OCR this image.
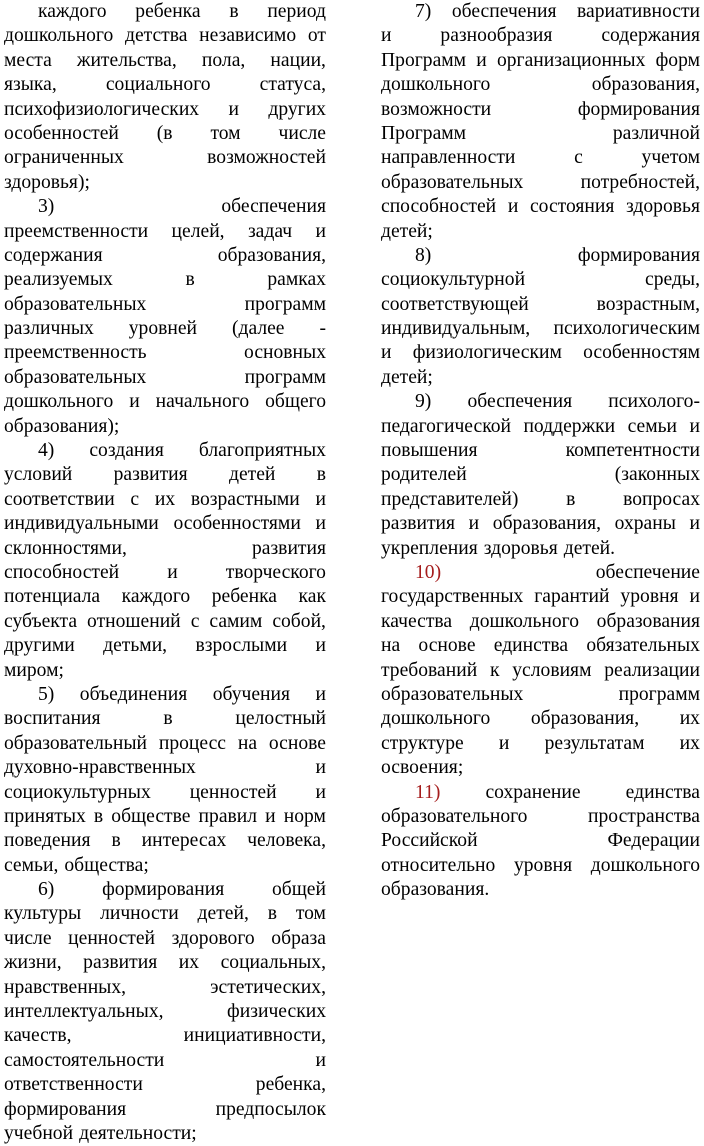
каждого ребенка в период
дошкольного детства независимо от
места жительства, пола, нации,
языка,	социального	статуса,
психофизиологических и других
особенностей (в том числе
ограниченных	возможностей
здоровья);
3)	обеспечения
преемственности целей, задач и
содержания	образования,
реализуемых	в	рамках
образовательных	программ
различных уровней (далее -
преемственность	основных
образовательных	программ
дошкольного и начального общего
образования);
4) создания благоприятных
условий развития детей в
соответствии с их возрастными и
индивидуальными особенностями и
склонностями,	развития
способностей и творческого
потенциала каждого ребенка как
субъекта отношений с самим собой,
другими детьми, взрослыми и
миром;
5) объединения обучения и
воспитания	в	целостный
образовательный процесс на основе
духовно-нравственных	и
социокультурных ценностей и
принятых в обществе правил и норм
поведения в интересах человека,
семьи, общества;
6) формирования общей
культуры личности детей, в том
числе ценностей здорового образа
жизни, развития их социальных,
нравственных,	эстетических,
интеллектуальных,	физических
качеств,	инициативности,
самостоятельности	и
ответственности	ребенка,
формирования	предпосылок
учебной деятельности;
7) обеспечения вариативности
и разнообразия содержания
Программ и организационных форм
дошкольного	образования,
возможности	формирования
Программ	различной
направленности	с	учетом
образовательных	потребностей,
способностей и состояния здоровья
детей;
8)	формирования
социокультурной	среды,
соответствующей	возрастным,
индивидуальным, психологическим
и физиологическим особенностям
детей;
9) обеспечения психолого-
педагогической поддержки семьи и
повышения	компетентности
родителей	(законных
представителей) в вопросах
развития и образования, охраны и
укрепления здоровья детей.
10)	обеспечение
государственных гарантий уровня и
качества дошкольного образования
на основе единства обязательных
требований к условиям реализации
образовательных	программ
дошкольного образования, их
структуре и результатам их
освоения;
11) сохранение единства
образовательного	пространства
Российской	Федерации
относительно уровня дошкольного
образования.
